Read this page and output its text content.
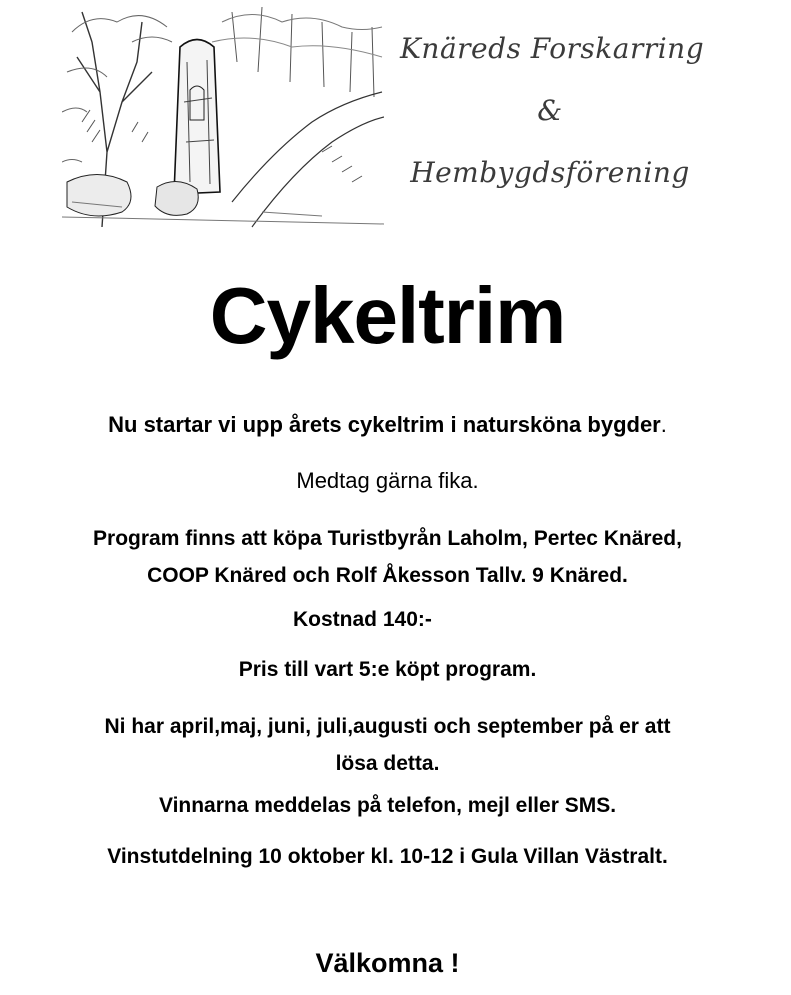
Knäreds Forskarring
&
Hembygdsförening
Cykeltrim
Nu startar vi upp årets cykeltrim i natursköna bygder.
Medtag gärna fika.
Program finns att köpa Turistbyrån Laholm, Pertec Knäred,
COOP Knäred och Rolf Åkesson Tallv. 9 Knäred.
Kostnad 140:-
Pris till vart 5:e köpt program.
Ni har april,maj, juni, juli,augusti och september på er att
lösa detta.
Vinnarna meddelas på telefon, mejl eller SMS.
Vinstutdelning 10 oktober kl. 10-12 i Gula Villan Västralt.
Välkomna !
